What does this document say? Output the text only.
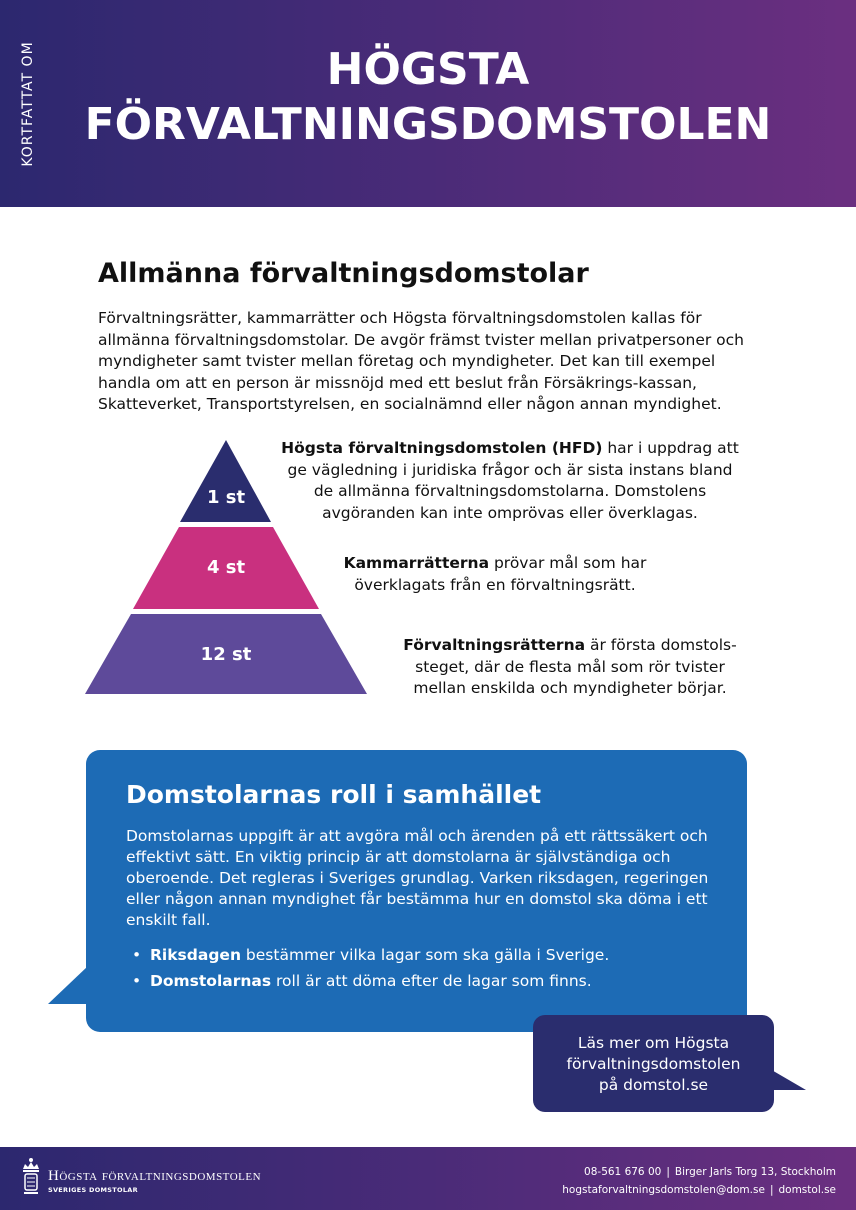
KORTFATTAT OM	HÖGSTA
FÖRVALTNINGSDOMSTOLEN
Allmänna förvaltningsdomstolar

Förvaltningsrätter, kammarrätter och Högsta förvaltningsdomstolen kallas för allmänna förvaltningsdomstolar. De avgör främst tvister mellan privatpersoner och myndigheter samt tvister mellan företag och myndigheter. Det kan till exempel handla om att en person är missnöjd med ett beslut från Försäkrings-kassan, Skatteverket, Transportstyrelsen, en socialnämnd eller någon annan myndighet.

1 st
4 st
12 st

Högsta förvaltningsdomstolen (HFD) har i uppdrag att
ge vägledning i juridiska frågor och är sista instans bland
de allmänna förvaltningsdomstolarna. Domstolens
avgöranden kan inte omprövas eller överklagas.

Kammarrätterna prövar mål som har
överklagats från en förvaltningsrätt.

Förvaltningsrätterna är första domstols-
steget, där de flesta mål som rör tvister
mellan enskilda och myndigheter börjar.

Domstolarnas roll i samhället

Domstolarnas uppgift är att avgöra mål och ärenden på ett rättssäkert och effektivt sätt. En viktig princip är att domstolarna är självständiga och oberoende. Det regleras i Sveriges grundlag. Varken riksdagen, regeringen eller någon annan myndighet får bestämma hur en domstol ska döma i ett enskilt fall.

• Riksdagen bestämmer vilka lagar som ska gälla i Sverige.
• Domstolarnas roll är att döma efter de lagar som finns.

Läs mer om Högsta
förvaltningsdomstolen
på domstol.se

Högsta förvaltningsdomstolen
SVERIGES DOMSTOLAR
08-561 676 00 | Birger Jarls Torg 13, Stockholm
hogstaforvaltningsdomstolen@dom.se | domstol.se
